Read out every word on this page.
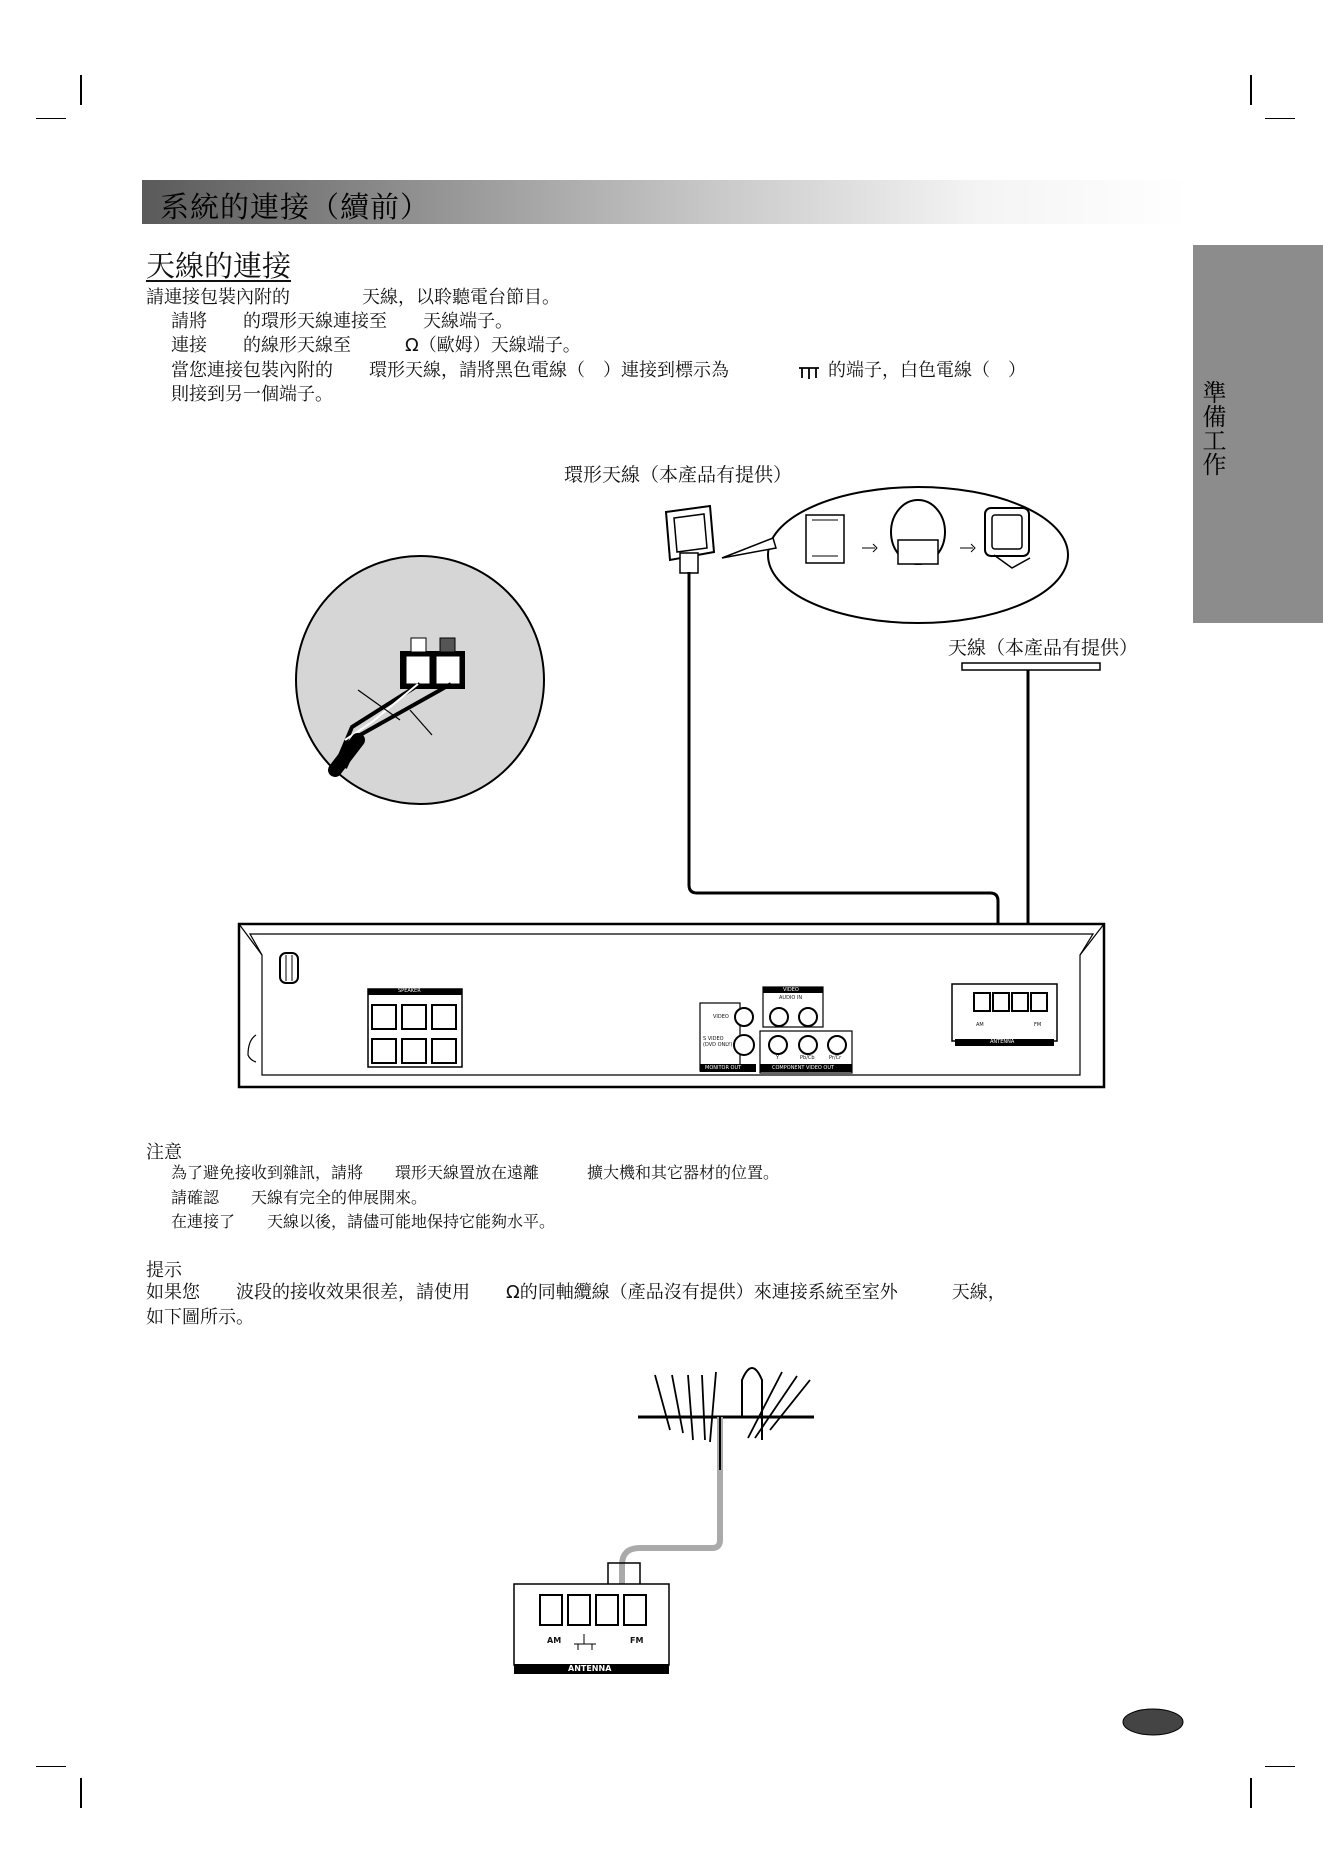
系統的連接（續前）
準備工作
天線的連接
請連接包裝內附的　　　　天線，以聆聽電台節目。
請將　　的環形天線連接至　　天線端子。
連接　　的線形天線至　　　Ω（歐姆）天線端子。
當您連接包裝內附的　　環形天線，請將黑色電線（　）連接到標示為	的端子，白色電線（　）
則接到另一個端子。
環形天線（本產品有提供）
天線（本產品有提供）
SPEAKER	VIDEO
AUDIO IN
VIDEO
S VIDEO
(DVD ONLY)
MONITOR OUT	COMPONENT VIDEO OUT
Y	Pb/Cb	Pr/Cr
ANTENNA
AM	FM
注意
為了避免接收到雜訊，請將　　環形天線置放在遠離　　　擴大機和其它器材的位置。
請確認　　天線有完全的伸展開來。
在連接了　　天線以後，請儘可能地保持它能夠水平。
提示
如果您　　波段的接收效果很差，請使用　　Ω的同軸纜線（產品沒有提供）來連接系統至室外　　　天線，
如下圖所示。
AM	FM
ANTENNA
